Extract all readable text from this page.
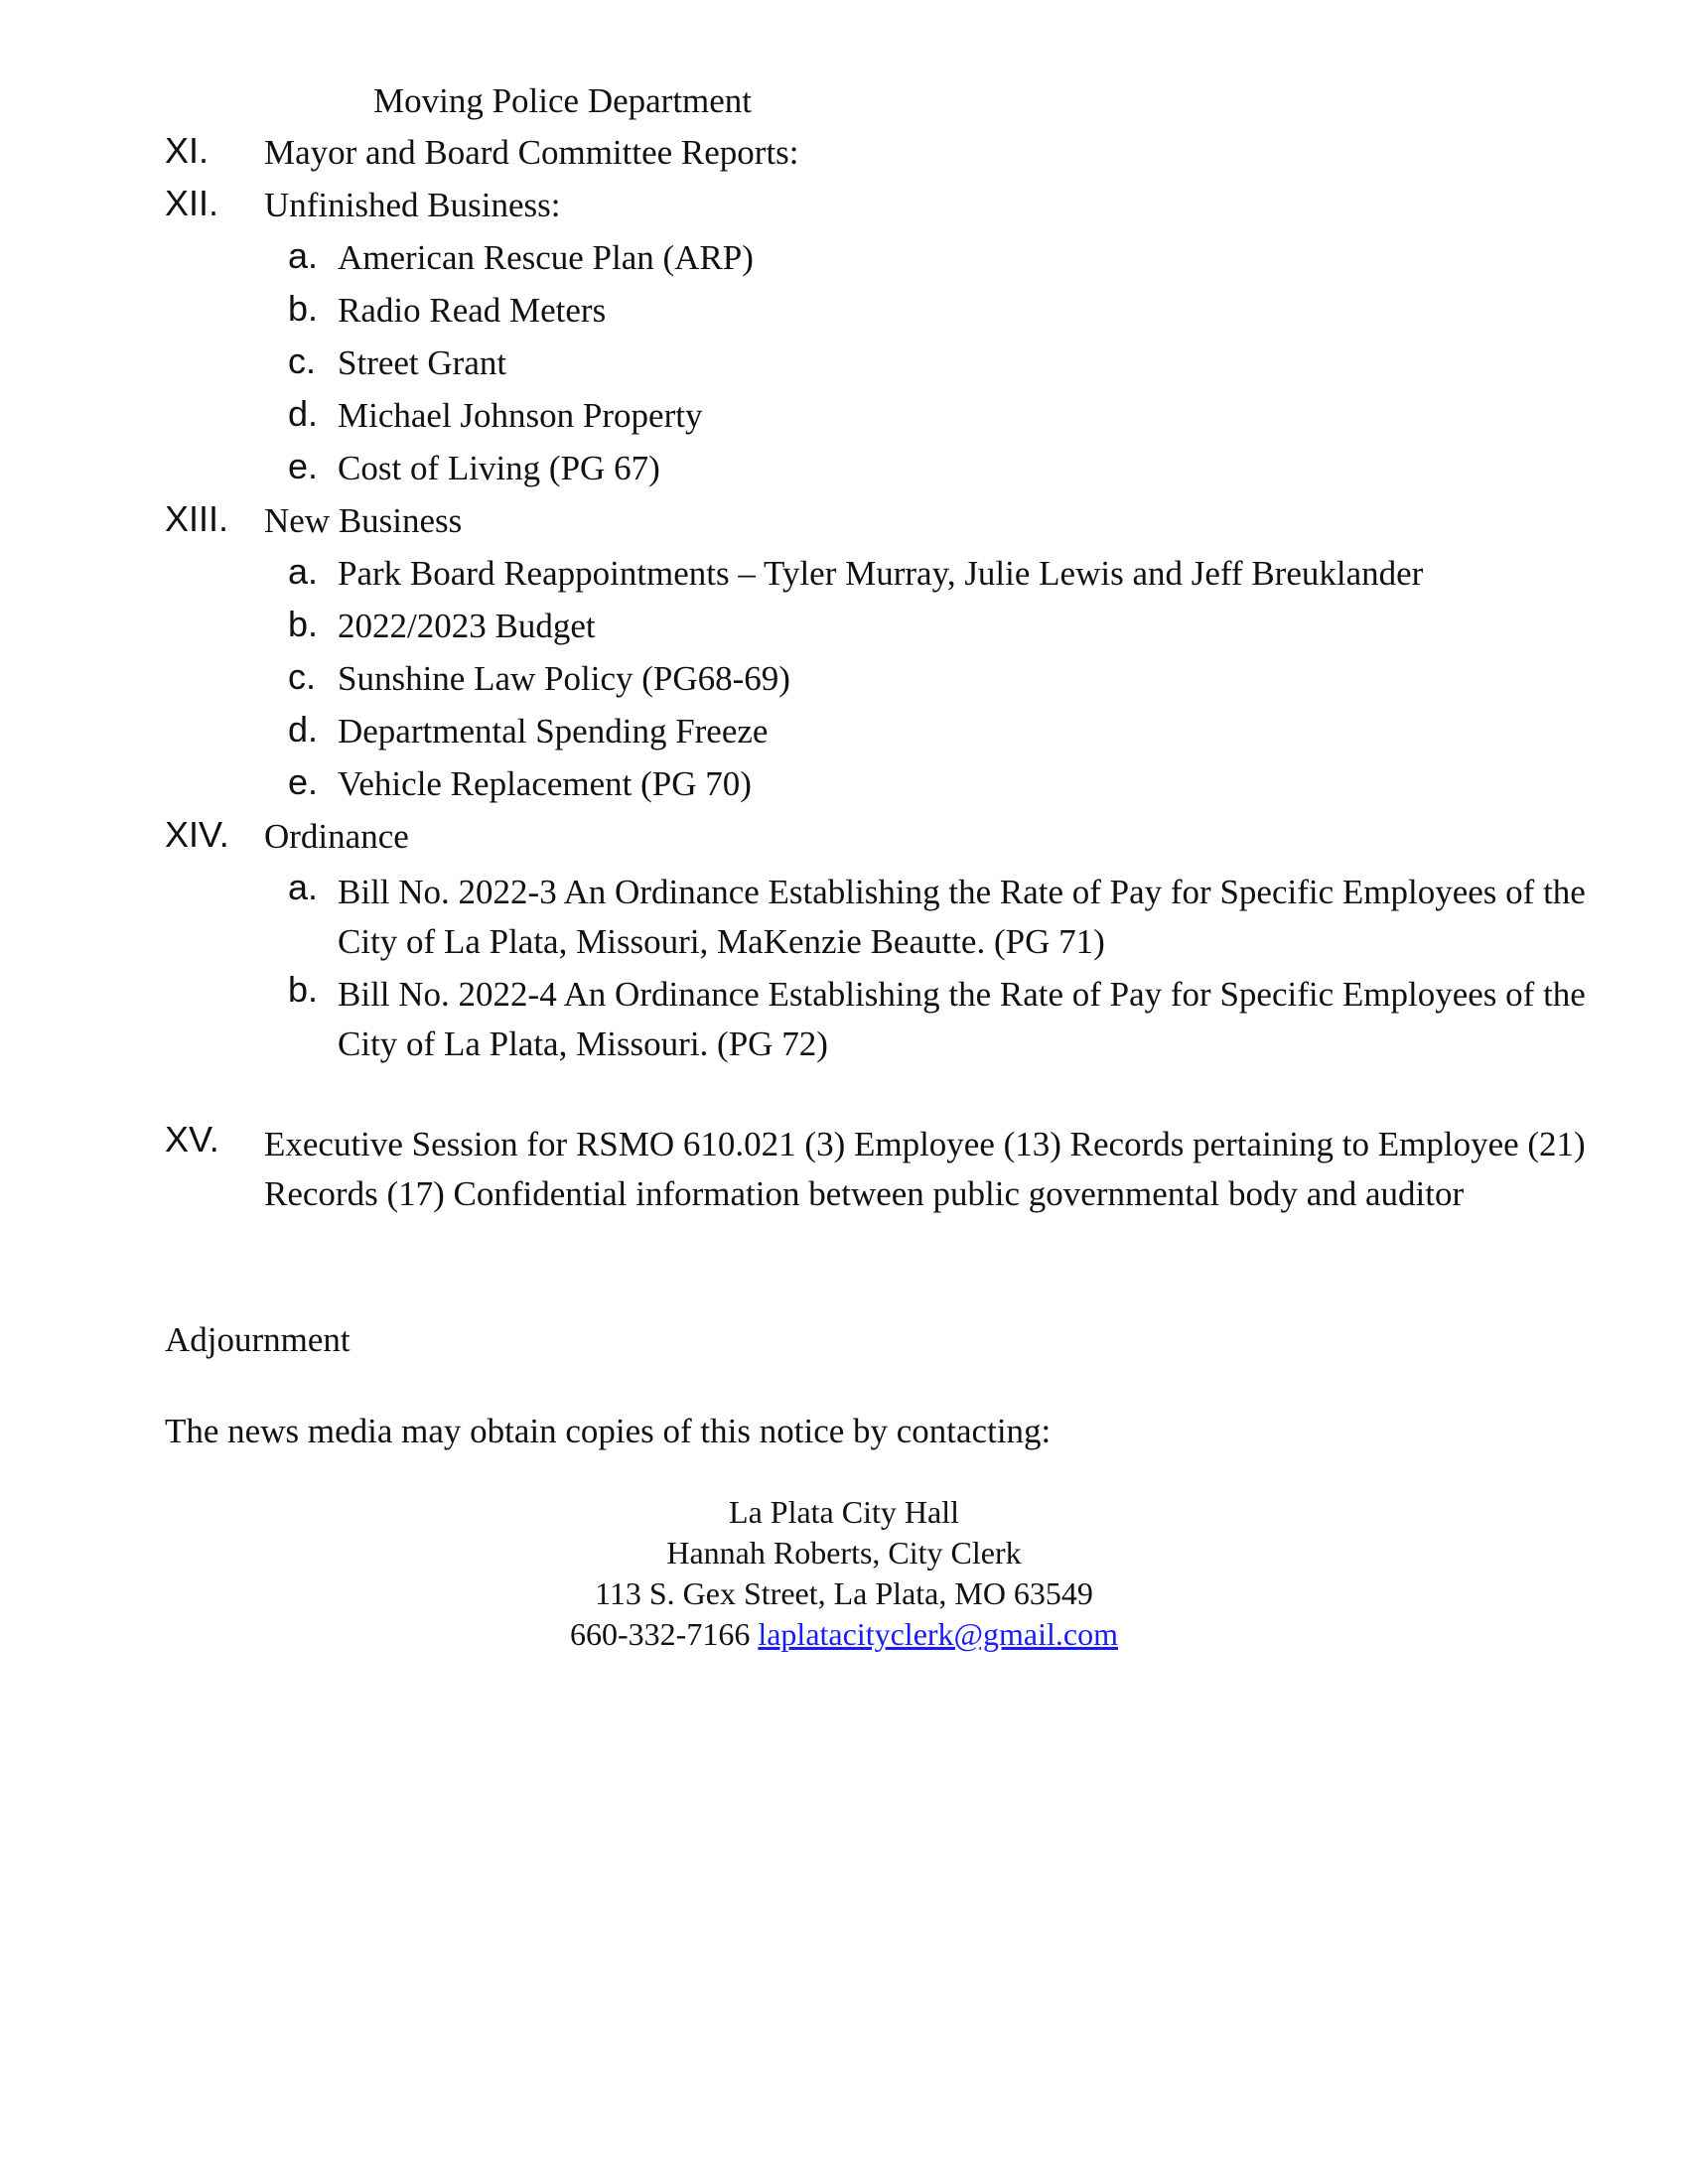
Moving Police Department
XI. Mayor and Board Committee Reports:
XII. Unfinished Business:
a. American Rescue Plan (ARP)
b. Radio Read Meters
c. Street Grant
d. Michael Johnson Property
e. Cost of Living (PG 67)
XIII. New Business
a. Park Board Reappointments – Tyler Murray, Julie Lewis and Jeff Breuklander
b. 2022/2023 Budget
c. Sunshine Law Policy (PG68-69)
d. Departmental Spending Freeze
e. Vehicle Replacement (PG 70)
XIV. Ordinance
a. Bill No. 2022-3 An Ordinance Establishing the Rate of Pay for Specific Employees of the City of La Plata, Missouri, MaKenzie Beautte. (PG 71)
b. Bill No. 2022-4 An Ordinance Establishing the Rate of Pay for Specific Employees of the City of La Plata, Missouri. (PG 72)
XV. Executive Session for RSMO 610.021 (3) Employee (13) Records pertaining to Employee (21) Records (17) Confidential information between public governmental body and auditor
Adjournment
The news media may obtain copies of this notice by contacting:
La Plata City Hall
Hannah Roberts, City Clerk
113 S. Gex Street, La Plata, MO 63549
660-332-7166 laplatacityclerk@gmail.com
